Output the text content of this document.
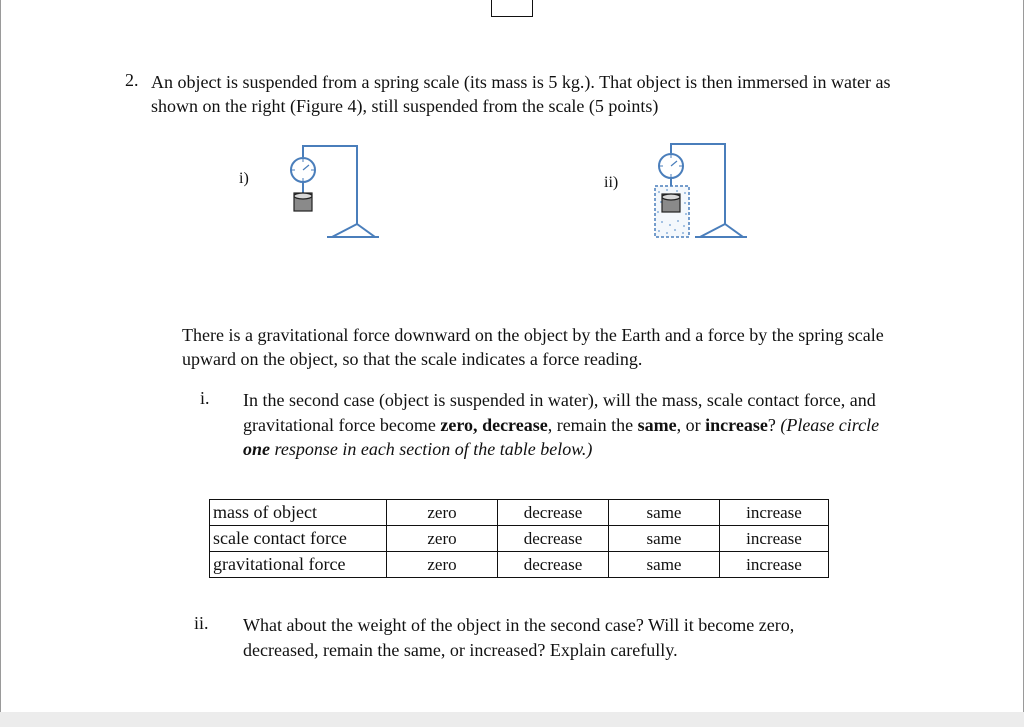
2. An object is suspended from a spring scale (its mass is 5 kg.). That object is then immersed in water as shown on the right (Figure 4), still suspended from the scale (5 points)

i)	ii)

There is a gravitational force downward on the object by the Earth and a force by the spring scale upward on the object, so that the scale indicates a force reading.

i. In the second case (object is suspended in water), will the mass, scale contact force, and gravitational force become zero, decrease, remain the same, or increase? (Please circle one response in each section of the table below.)

mass of object	zero	decrease	same	increase
scale contact force	zero	decrease	same	increase
gravitational force	zero	decrease	same	increase
ii. What about the weight of the object in the second case? Will it become zero, decreased, remain the same, or increased? Explain carefully.
